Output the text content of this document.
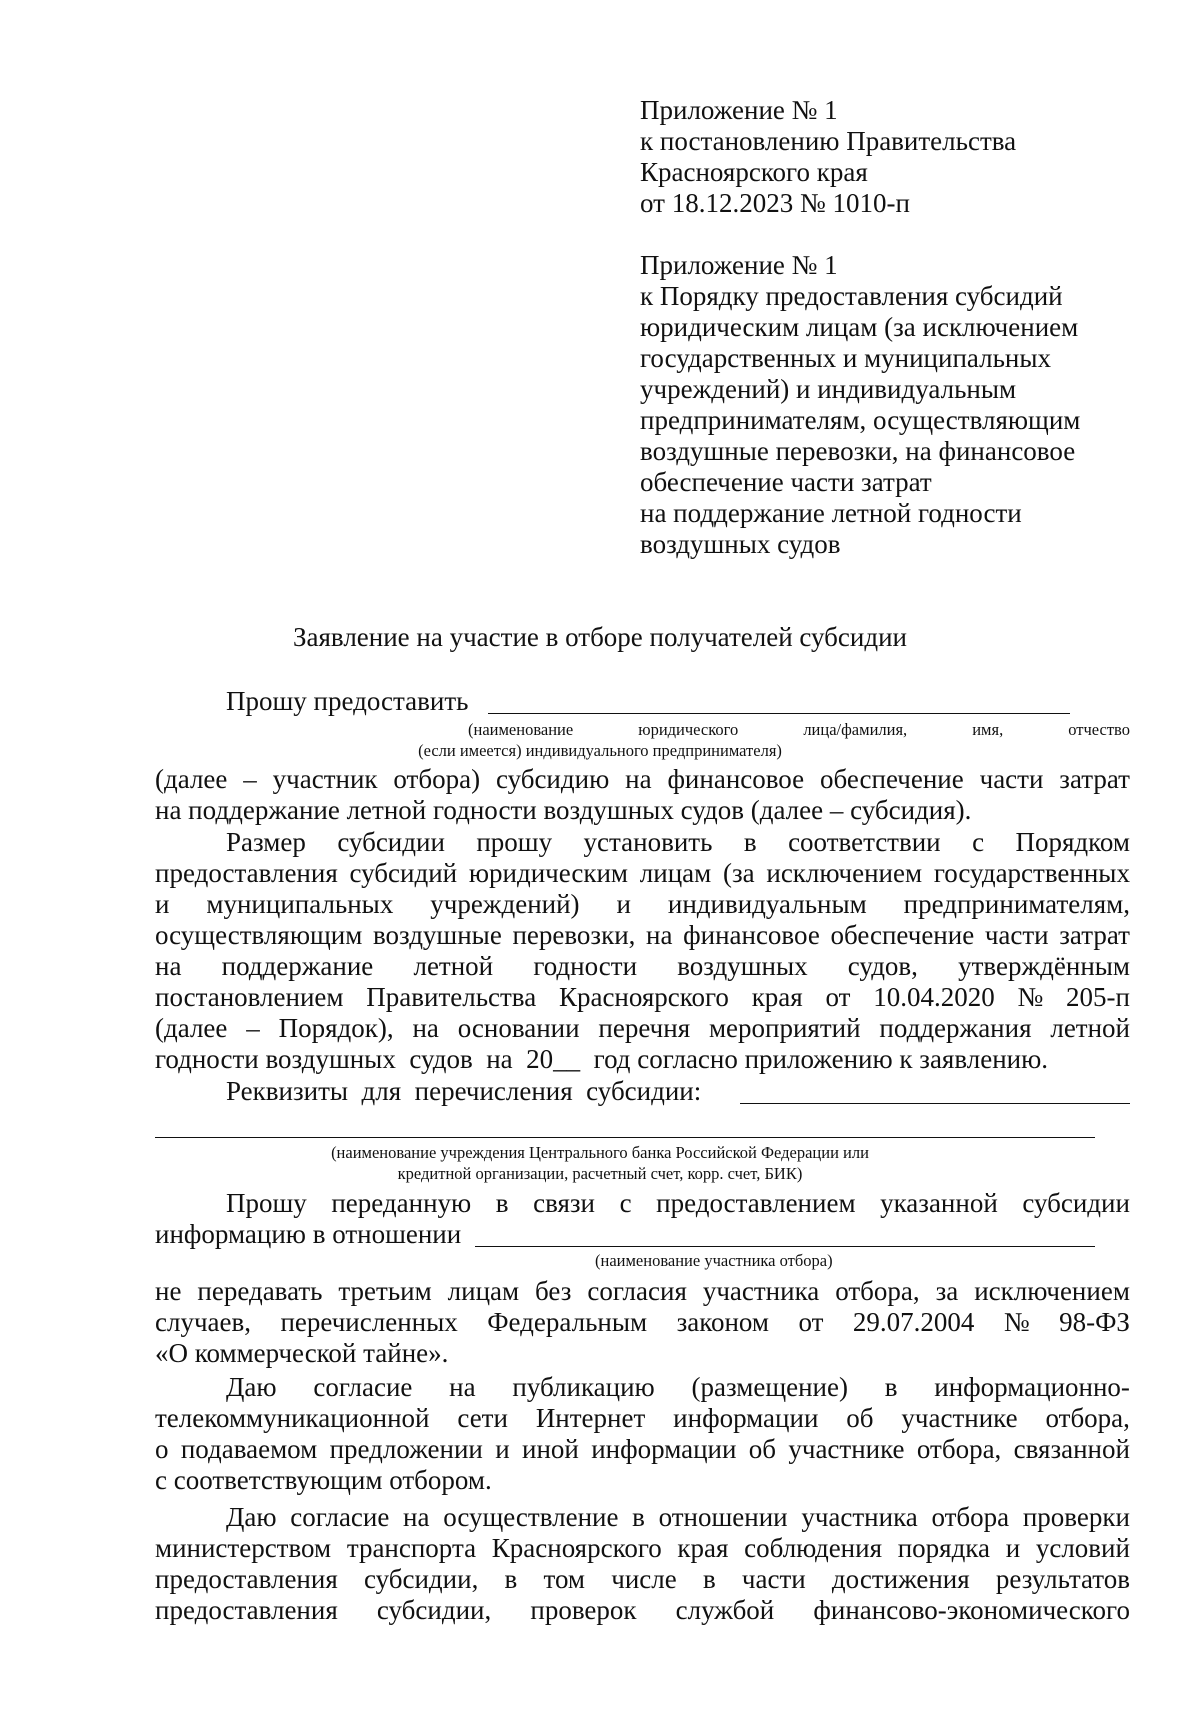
Приложение № 1
к постановлению Правительства
Красноярского края
от 18.12.2023 № 1010-п
Приложение № 1
к Порядку предоставления субсидий
юридическим лицам (за исключением
государственных и муниципальных
учреждений) и индивидуальным
предпринимателям, осуществляющим
воздушные перевозки, на финансовое
обеспечение части затрат
на поддержание летной годности
воздушных судов
Заявление на участие в отборе получателей субсидии
Прошу предоставить
(наименование	юридического	лица/фамилия,	имя,	отчество
(если имеется) индивидуального предпринимателя)
(далее – участник отбора) субсидию на финансовое обеспечение части затрат
на поддержание летной годности воздушных судов (далее – субсидия).
Размер субсидии прошу установить в соответствии с Порядком
предоставления субсидий юридическим лицам (за исключением государственных
и муниципальных учреждений) и индивидуальным предпринимателям,
осуществляющим воздушные перевозки, на финансовое обеспечение части затрат
на поддержание летной годности воздушных судов, утверждённым
постановлением Правительства Красноярского края от 10.04.2020 № 205-п
(далее – Порядок), на основании перечня мероприятий поддержания летной
годности воздушных  судов  на  20__  год согласно приложению к заявлению.
Реквизиты  для  перечисления  субсидии:
(наименование учреждения Центрального банка Российской Федерации или
кредитной организации, расчетный счет, корр. счет, БИК)
Прошу переданную в связи с предоставлением указанной субсидии
информацию в отношении
(наименование участника отбора)
не передавать третьим лицам без согласия участника отбора, за исключением
случаев, перечисленных Федеральным законом от 29.07.2004 № 98-ФЗ
«О коммерческой тайне».
Даю согласие на публикацию (размещение) в информационно-
телекоммуникационной сети Интернет информации об участнике отбора,
о подаваемом предложении и иной информации об участнике отбора, связанной
с соответствующим отбором.
Даю согласие на осуществление в отношении участника отбора проверки
министерством транспорта Красноярского края соблюдения порядка и условий
предоставления субсидии, в том числе в части достижения результатов
предоставления субсидии, проверок службой финансово-экономического
